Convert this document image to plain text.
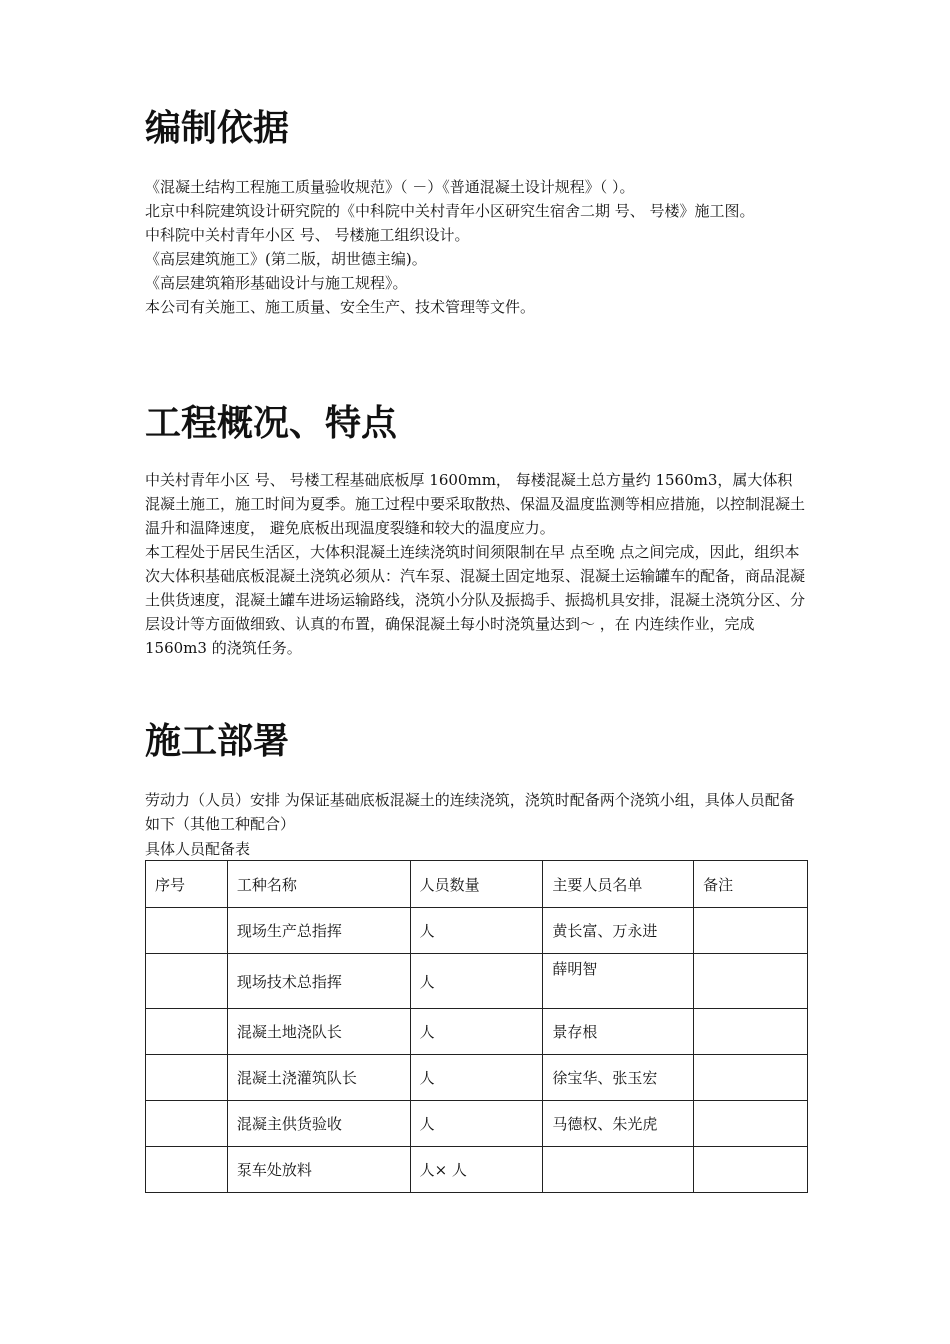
编制依据

《混凝土结构工程施工质量验收规范》（ －）《普通混凝土设计规程》（ ）。

北京中科院建筑设计研究院的《中科院中关村青年小区研究生宿舍二期 号、 号楼》施工图。

中科院中关村青年小区 号、 号楼施工组织设计。

《高层建筑施工》(第二版，胡世德主编)。

《高层建筑箱形基础设计与施工规程》。

本公司有关施工、施工质量、安全生产、技术管理等文件。

工程概况、特点

中关村青年小区 号、 号楼工程基础底板厚 1600mm， 每楼混凝土总方量约 1560m3，属大体积混凝土施工，施工时间为夏季。施工过程中要采取散热、保温及温度监测等相应措施，以控制混凝土温升和温降速度， 避免底板出现温度裂缝和较大的温度应力。

本工程处于居民生活区，大体积混凝土连续浇筑时间须限制在早 点至晚 点之间完成，因此，组织本次大体积基础底板混凝土浇筑必须从：汽车泵、混凝土固定地泵、混凝土运输罐车的配备，商品混凝土供货速度，混凝土罐车进场运输路线，浇筑小分队及振捣手、振捣机具安排，混凝土浇筑分区、分层设计等方面做细致、认真的布置，确保混凝土每小时浇筑量达到～ ，在 内连续作业，完成 1560m3 的浇筑任务。

施工部署

劳动力（人员）安排 为保证基础底板混凝土的连续浇筑，浇筑时配备两个浇筑小组，具体人员配备如下（其他工种配合）

具体人员配备表
序号	工种名称	人员数量	主要人员名单	备注
	现场生产总指挥	人	黄长富、万永进	
	现场技术总指挥	人	薛明智	
	混凝土地浇队长	人	景存根	
	混凝土浇灌筑队长	人	徐宝华、张玉宏	
	混凝主供货验收	人	马德权、朱光虎	
	泵车处放料	人× 人		
